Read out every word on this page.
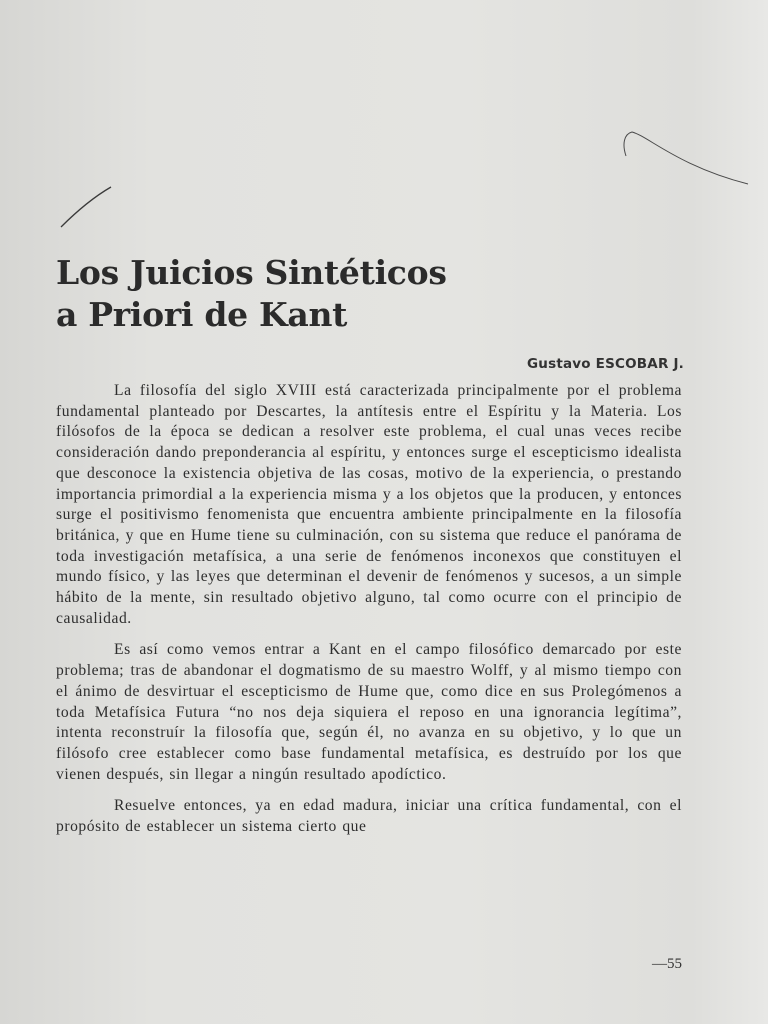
Los Juicios Sintéticos
a Priori de Kant
Gustavo ESCOBAR J.

La filosofía del siglo XVIII está caracterizada principalmente por el problema fundamental planteado por Descartes, la antítesis entre el Espíritu y la Materia. Los filósofos de la época se dedican a resolver este problema, el cual unas veces recibe consideración dando preponderancia al espíritu, y entonces surge el escepticismo idealista que desconoce la existencia objetiva de las cosas, motivo de la experiencia, o prestando importancia primordial a la experiencia misma y a los objetos que la producen, y entonces surge el positivismo fenomenista que encuentra ambiente principalmente en la filosofía británica, y que en Hume tiene su culminación, con su sistema que reduce el panórama de toda investigación metafísica, a una serie de fenómenos inconexos que constituyen el mundo físico, y las leyes que determinan el devenir de fenómenos y sucesos, a un simple hábito de la mente, sin resultado objetivo alguno, tal como ocurre con el principio de causalidad.

Es así como vemos entrar a Kant en el campo filosófico demarcado por este problema; tras de abandonar el dogmatismo de su maestro Wolff, y al mismo tiempo con el ánimo de desvirtuar el escepticismo de Hume que, como dice en sus Prolegómenos a toda Metafísica Futura “no nos deja siquiera el reposo en una ignorancia legítima”, intenta reconstruír la filosofía que, según él, no avanza en su objetivo, y lo que un filósofo cree establecer como base fundamental metafísica, es destruído por los que vienen después, sin llegar a ningún resultado apodíctico.

Resuelve entonces, ya en edad madura, iniciar una crítica fundamental, con el propósito de establecer un sistema cierto que

—55
